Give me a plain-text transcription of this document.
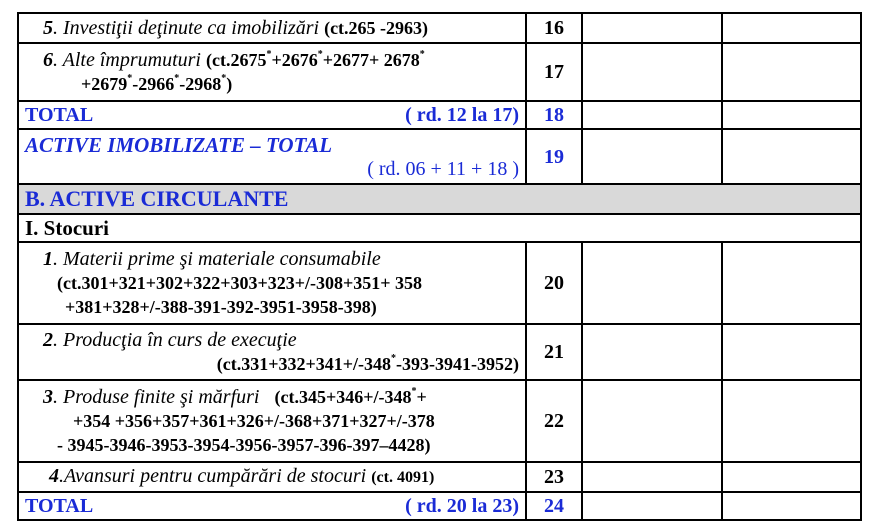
5. Investiţii deţinute ca imobilizări (ct.265 -2963)	16		

6. Alte împrumuturi (ct.2675*+2676*+2677+ 2678*
+2679*-2966*-2968*)	17		

TOTAL ( rd. 12 la 17)	18		

ACTIVE IMOBILIZATE – TOTAL
( rd. 06 + 11 + 18 )	19		
B. ACTIVE CIRCULANTE			
I. Stocuri			

1. Materii prime şi materiale consumabile
(ct.301+321+302+322+303+323+/-308+351+ 358
+381+328+/-388-391-392-3951-3958-398)	20		

2. Producţia în curs de execuţie
(ct.331+332+341+/-348*-393-3941-3952)	21		

3. Produse finite şi mărfuri (ct.345+346+/-348*+
+354 +356+357+361+326+/-368+371+327+/-378
- 3945-3946-3953-3954-3956-3957-396-397–4428)	22		
4.Avansuri pentru cumpărări de stocuri (ct. 4091)	23		

TOTAL ( rd. 20 la 23)	24		
